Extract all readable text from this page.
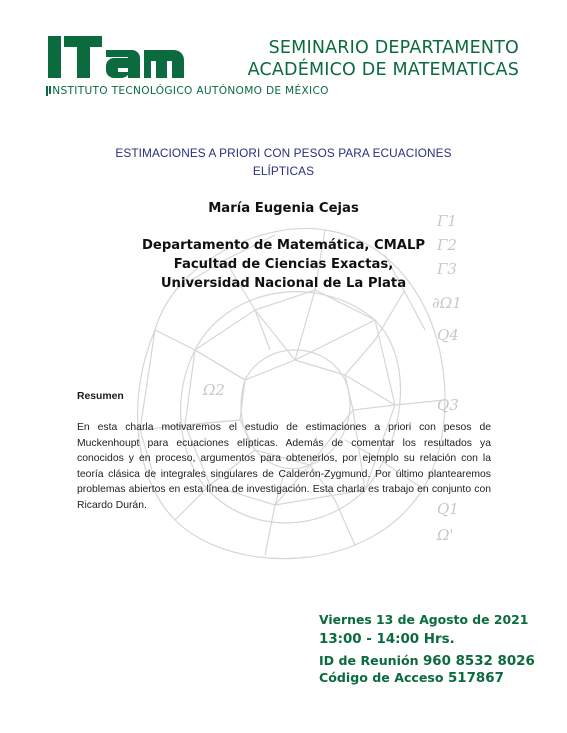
INSTITUTO TECNOLÓGICO AUTÓNOMO DE MÉXICO
SEMINARIO DEPARTAMENTO
ACADÉMICO DE MATEMATICAS
ESTIMACIONES A PRIORI CON PESOS PARA ECUACIONES
ELÍPTICAS
Γ1
Γ2
Γ3
∂Ω1
Q4
Ω2
Q3
Q1
Ω'
María Eugenia Cejas
Departamento de Matemática, CMALP
Facultad de Ciencias Exactas,
Universidad Nacional de La Plata
Resumen
En esta charla motivaremos el estudio de estimaciones a priori con pesos de Muckenhoupt para ecuaciones elípticas. Además de comentar los resultados ya conocidos y en proceso, argumentos para obtenerlos, por ejemplo su relación con la teoría clásica de integrales singulares de Calderón-Zygmund. Por último plantearemos problemas abiertos en esta línea de investigación. Esta charla es trabajo en conjunto con Ricardo Durán.
Viernes 13 de Agosto de 2021
13:00 - 14:00 Hrs.
ID de Reunión 960 8532 8026
Código de Acceso 517867
